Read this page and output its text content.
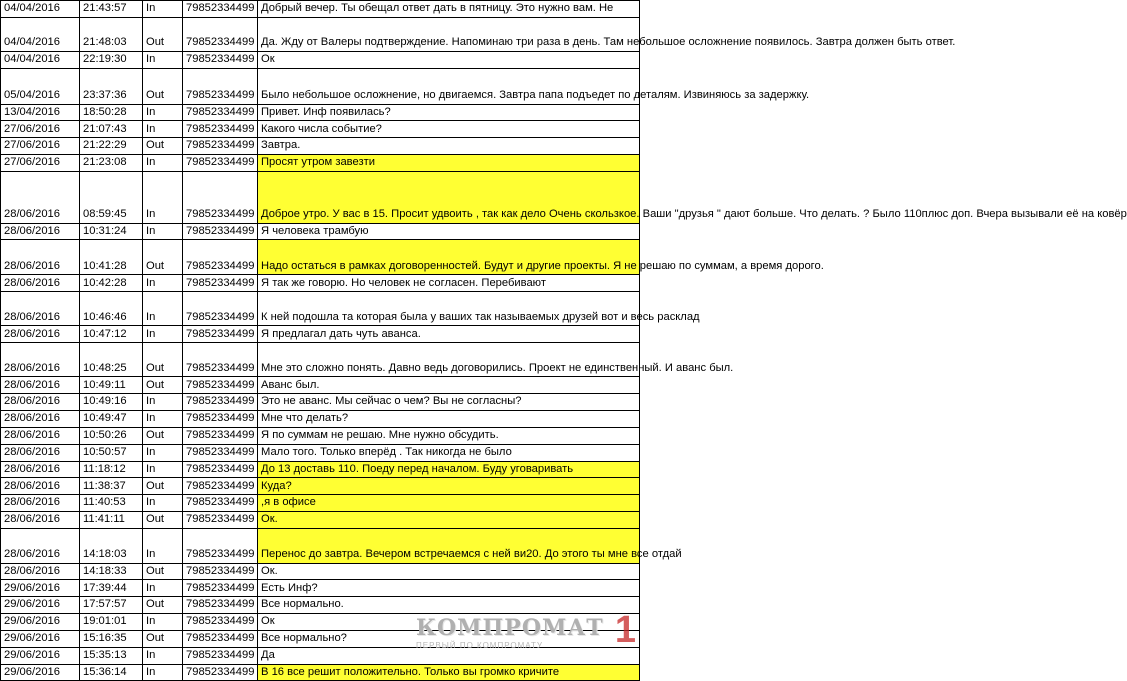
04/04/2016	21:43:57	In	79852334499	Добрый вечер. Ты обещал ответ дать в пятницу. Это нужно вам. Не
04/04/2016	21:48:03	Out	79852334499	Да. Жду от Валеры подтверждение. Напоминаю три раза в день. Там небольшое осложнение появилось. Завтра должен быть ответ.
04/04/2016	22:19:30	In	79852334499	Ок
05/04/2016	23:37:36	Out	79852334499	Было небольшое осложнение, но двигаемся. Завтра папа подъедет по деталям. Извиняюсь за задержку.
13/04/2016	18:50:28	In	79852334499	Привет. Инф появилась?
27/06/2016	21:07:43	In	79852334499	Какого числа событие?
27/06/2016	21:22:29	Out	79852334499	Завтра.
27/06/2016	21:23:08	In	79852334499	Просят утром завезти
28/06/2016	08:59:45	In	79852334499	Доброе утро. У вас в 15. Просит удвоить , так как дело Очень скользкое. Ваши "друзья " дают больше. Что делать. ? Было 110плюс доп. Вчера вызывали её на ковёр
28/06/2016	10:31:24	In	79852334499	Я человека трамбую
28/06/2016	10:41:28	Out	79852334499	Надо остаться в рамках договоренностей. Будут и другие проекты. Я не решаю по суммам, а время дорого.
28/06/2016	10:42:28	In	79852334499	Я так же говорю. Но человек не согласен. Перебивают
28/06/2016	10:46:46	In	79852334499	К ней подошла та которая была у ваших так называемых друзей вот и весь расклад
28/06/2016	10:47:12	In	79852334499	Я предлагал дать чуть аванса.
28/06/2016	10:48:25	Out	79852334499	Мне это сложно понять. Давно ведь договорились. Проект не единственный. И аванс был.
28/06/2016	10:49:11	Out	79852334499	Аванс был.
28/06/2016	10:49:16	In	79852334499	Это не аванс. Мы сейчас о чем? Вы не согласны?
28/06/2016	10:49:47	In	79852334499	Мне что делать?
28/06/2016	10:50:26	Out	79852334499	Я по суммам не решаю. Мне нужно обсудить.
28/06/2016	10:50:57	In	79852334499	Мало того. Только вперёд . Так никогда не было
28/06/2016	11:18:12	In	79852334499	До 13 доставь 110. Поеду перед началом. Буду уговаривать
28/06/2016	11:38:37	Out	79852334499	Куда?
28/06/2016	11:40:53	In	79852334499	,я в офисе
28/06/2016	11:41:11	Out	79852334499	Ок.
28/06/2016	14:18:03	In	79852334499	Перенос до завтра. Вечером встречаемся с ней ви20. До этого ты мне все отдай
28/06/2016	14:18:33	Out	79852334499	Ок.
29/06/2016	17:39:44	In	79852334499	Есть Инф?
29/06/2016	17:57:57	Out	79852334499	Все нормально.
29/06/2016	19:01:01	In	79852334499	Ок
29/06/2016	15:16:35	Out	79852334499	Все нормально?
29/06/2016	15:35:13	In	79852334499	Да
29/06/2016	15:36:14	In	79852334499	В 16 все решит положительно. Только вы громко кричите
КОМПРОМАТ
ПЕРВЫЙ ПО КОМПРОМАТУ 1
